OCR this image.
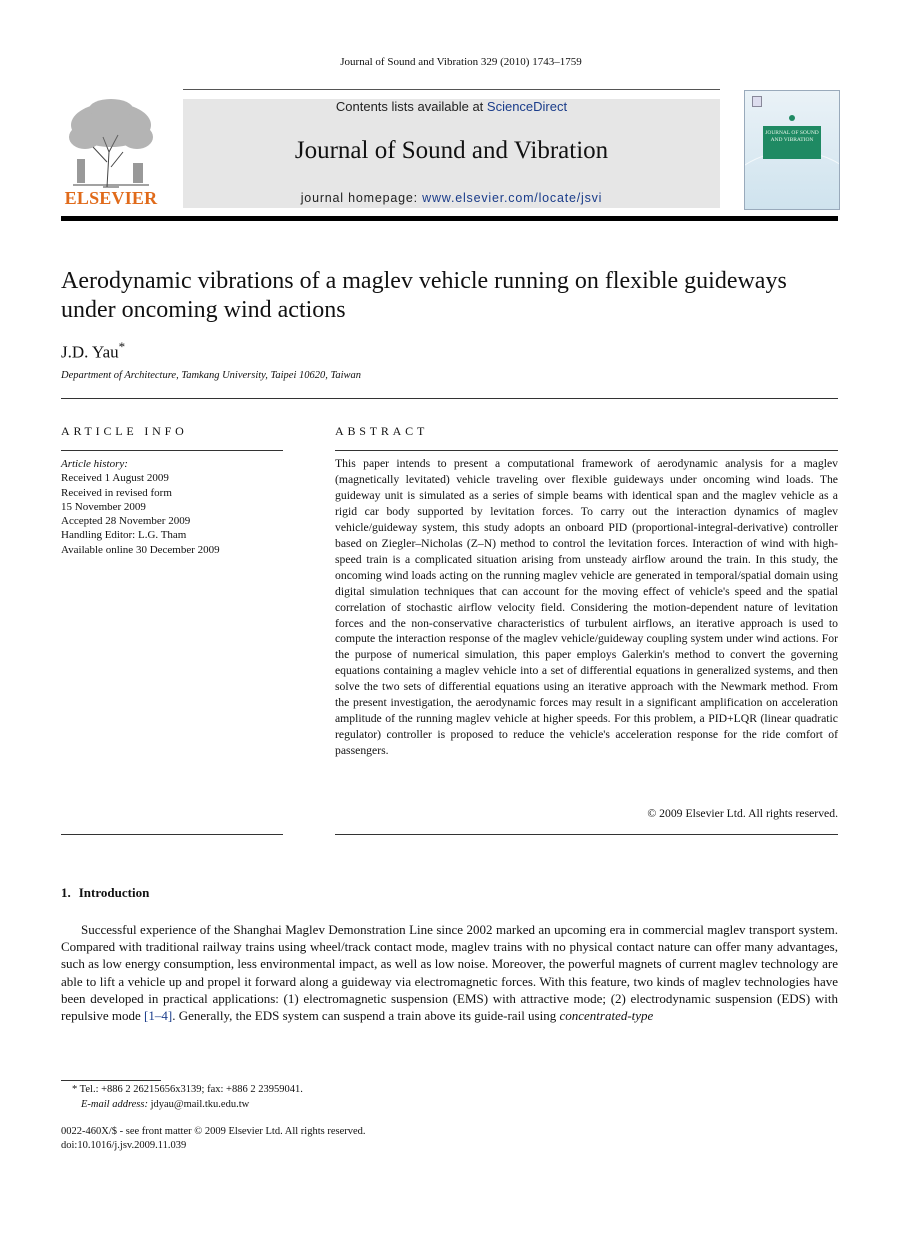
Journal of Sound and Vibration 329 (2010) 1743–1759
ELSEVIER
Contents lists available at ScienceDirect
Journal of Sound and Vibration
journal homepage: www.elsevier.com/locate/jsvi
JOURNAL OF SOUND AND VIBRATION
Aerodynamic vibrations of a maglev vehicle running on flexible guideways under oncoming wind actions
J.D. Yau*
Department of Architecture, Tamkang University, Taipei 10620, Taiwan
ARTICLE INFO	ABSTRACT
Article history:
Received 1 August 2009
Received in revised form
15 November 2009
Accepted 28 November 2009
Handling Editor: L.G. Tham
Available online 30 December 2009
This paper intends to present a computational framework of aerodynamic analysis for a maglev (magnetically levitated) vehicle traveling over flexible guideways under oncoming wind loads. The guideway unit is simulated as a series of simple beams with identical span and the maglev vehicle as a rigid car body supported by levitation forces. To carry out the interaction dynamics of maglev vehicle/guideway system, this study adopts an onboard PID (proportional-integral-derivative) controller based on Ziegler–Nicholas (Z–N) method to control the levitation forces. Interaction of wind with high-speed train is a complicated situation arising from unsteady airflow around the train. In this study, the oncoming wind loads acting on the running maglev vehicle are generated in temporal/spatial domain using digital simulation techniques that can account for the moving effect of vehicle's speed and the spatial correlation of stochastic airflow velocity field. Considering the motion-dependent nature of levitation forces and the non-conservative characteristics of turbulent airflows, an iterative approach is used to compute the interaction response of the maglev vehicle/guideway coupling system under wind actions. For the purpose of numerical simulation, this paper employs Galerkin's method to convert the governing equations containing a maglev vehicle into a set of differential equations in generalized systems, and then solve the two sets of differential equations using an iterative approach with the Newmark method. From the present investigation, the aerodynamic forces may result in a significant amplification on acceleration amplitude of the running maglev vehicle at higher speeds. For this problem, a PID+LQR (linear quadratic regulator) controller is proposed to reduce the vehicle's acceleration response for the ride comfort of passengers.
© 2009 Elsevier Ltd. All rights reserved.
1. Introduction
Successful experience of the Shanghai Maglev Demonstration Line since 2002 marked an upcoming era in commercial maglev transport system. Compared with traditional railway trains using wheel/track contact mode, maglev trains with no physical contact nature can offer many advantages, such as low energy consumption, less environmental impact, as well as low noise. Moreover, the powerful magnets of current maglev technology are able to lift a vehicle up and propel it forward along a guideway via electromagnetic forces. With this feature, two kinds of maglev technologies have been developed in practical applications: (1) electromagnetic suspension (EMS) with attractive mode; (2) electrodynamic suspension (EDS) with repulsive mode [1–4]. Generally, the EDS system can suspend a train above its guide-rail using concentrated-type
* Tel.: +886 2 26215656x3139; fax: +886 2 23959041.
E-mail address: jdyau@mail.tku.edu.tw
0022-460X/$ - see front matter © 2009 Elsevier Ltd. All rights reserved.
doi:10.1016/j.jsv.2009.11.039
